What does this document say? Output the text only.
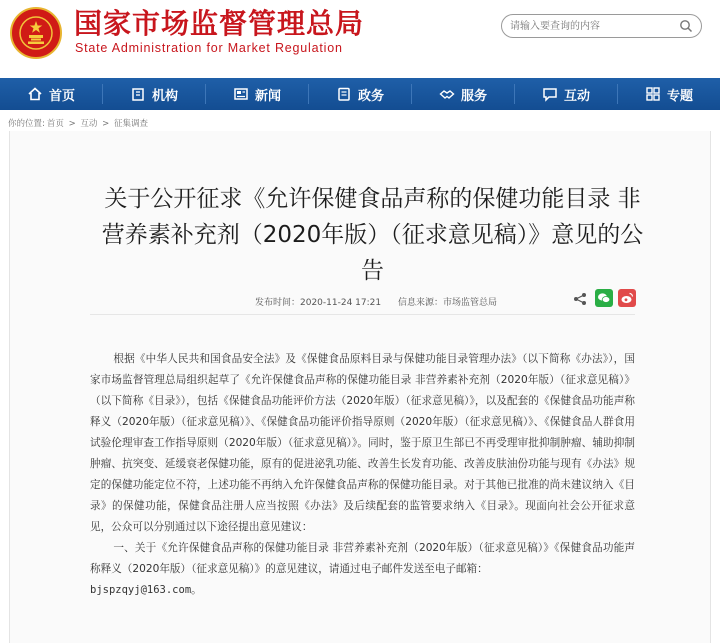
国家市场监督管理总局
State Administration for Market Regulation
请输入要查询的内容
首页	机构	新闻	政务	服务	互动	专题
你的位置: 首页 > 互动 > 征集调查
关于公开征求《允许保健食品声称的保健功能目录 非营养素补充剂（2020年版）（征求意见稿）》意见的公告
发布时间：2020-11-24 17:21 信息来源：市场监管总局

根据《中华人民共和国食品安全法》及《保健食品原料目录与保健功能目录管理办法》（以下简称《办法》），国家市场监督管理总局组织起草了《允许保健食品声称的保健功能目录 非营养素补充剂（2020年版）（征求意见稿）》（以下简称《目录》），包括《保健食品功能评价方法（2020年版）（征求意见稿）》，以及配套的《保健食品功能声称释义（2020年版）（征求意见稿）》、《保健食品功能评价指导原则（2020年版）（征求意见稿）》、《保健食品人群食用试验伦理审查工作指导原则（2020年版）（征求意见稿）》。同时，鉴于原卫生部已不再受理审批抑制肿瘤、辅助抑制肿瘤、抗突变、延缓衰老保健功能，原有的促进泌乳功能、改善生长发育功能、改善皮肤油份功能与现有《办法》规定的保健功能定位不符，上述功能不再纳入允许保健食品声称的保健功能目录。对于其他已批准的尚未建议纳入《目录》的保健功能，保健食品注册人应当按照《办法》及后续配套的监管要求纳入《目录》。现面向社会公开征求意见，公众可以分别通过以下途径提出意见建议：

一、关于《允许保健食品声称的保健功能目录 非营养素补充剂（2020年版）（征求意见稿）》《保健食品功能声称释义（2020年版）（征求意见稿）》的意见建议，请通过电子邮件发送至电子邮箱：

bjspzqyj@163.com。
